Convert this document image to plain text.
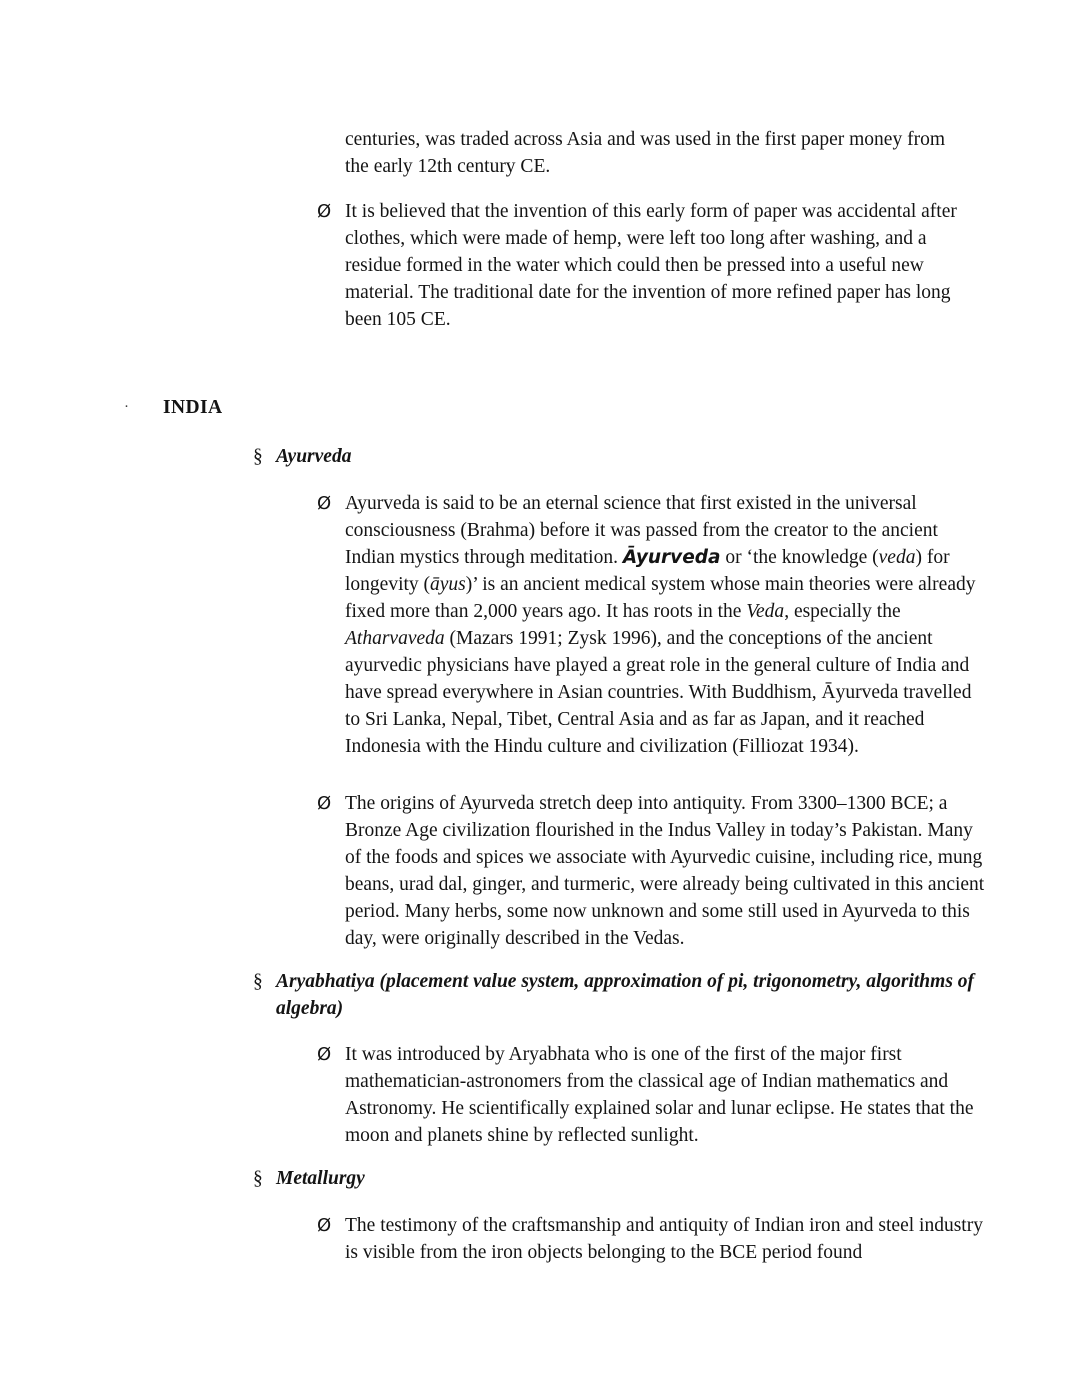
centuries, was traded across Asia and was used in the first paper money from the early 12th century CE.
Ø It is believed that the invention of this early form of paper was accidental after clothes, which were made of hemp, were left too long after washing, and a residue formed in the water which could then be pressed into a useful new material. The traditional date for the invention of more refined paper has long been 105 CE.
· INDIA
§ Ayurveda
Ø Ayurveda is said to be an eternal science that first existed in the universal consciousness (Brahma) before it was passed from the creator to the ancient Indian mystics through meditation. Āyurveda or ‘the knowledge (veda) for longevity (āyus)’ is an ancient medical system whose main theories were already fixed more than 2,000 years ago. It has roots in the Veda, especially the Atharvaveda (Mazars 1991; Zysk 1996), and the conceptions of the ancient ayurvedic physicians have played a great role in the general culture of India and have spread everywhere in Asian countries. With Buddhism, Āyurveda travelled to Sri Lanka, Nepal, Tibet, Central Asia and as far as Japan, and it reached Indonesia with the Hindu culture and civilization (Filliozat 1934).
Ø The origins of Ayurveda stretch deep into antiquity. From 3300–1300 BCE; a Bronze Age civilization flourished in the Indus Valley in today’s Pakistan. Many of the foods and spices we associate with Ayurvedic cuisine, including rice, mung beans, urad dal, ginger, and turmeric, were already being cultivated in this ancient period. Many herbs, some now unknown and some still used in Ayurveda to this day, were originally described in the Vedas.
§ Aryabhatiya (placement value system, approximation of pi, trigonometry, algorithms of algebra)
Ø It was introduced by Aryabhata who is one of the first of the major first mathematician-astronomers from the classical age of Indian mathematics and Astronomy. He scientifically explained solar and lunar eclipse. He states that the moon and planets shine by reflected sunlight.
§ Metallurgy
Ø The testimony of the craftsmanship and antiquity of Indian iron and steel industry is visible from the iron objects belonging to the BCE period found
